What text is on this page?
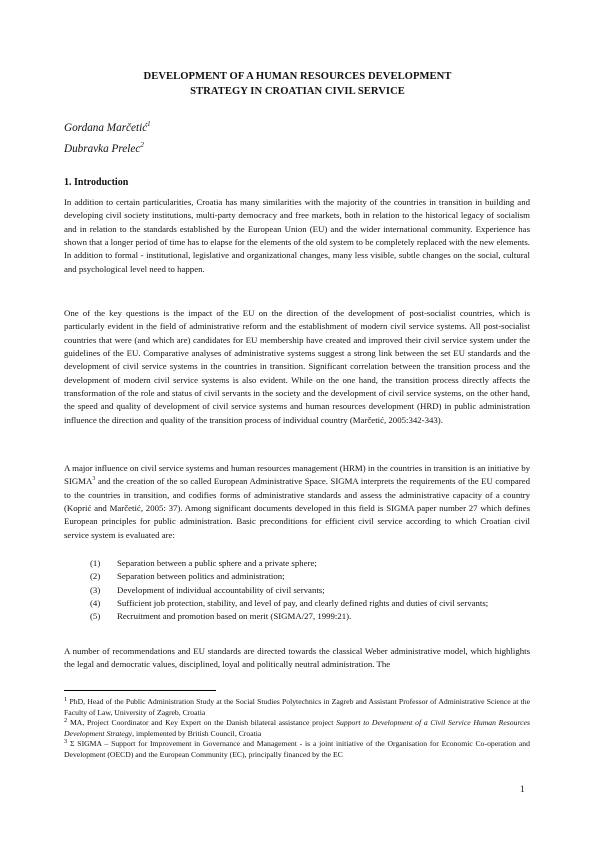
DEVELOPMENT OF A HUMAN RESOURCES DEVELOPMENT
STRATEGY IN CROATIAN CIVIL SERVICE
Gordana Marčetić$^1$
Dubravka Prelec$^2$
1. Introduction

In addition to certain particularities, Croatia has many similarities with the majority of the countries in transition in building and developing civil society institutions, multi-party democracy and free markets, both in relation to the historical legacy of socialism and in relation to the standards established by the European Union (EU) and the wider international community. Experience has shown that a longer period of time has to elapse for the elements of the old system to be completely replaced with the new elements. In addition to formal - institutional, legislative and organizational changes, many less visible, subtle changes on the social, cultural and psychological level need to happen.

One of the key questions is the impact of the EU on the direction of the development of post-socialist countries, which is particularly evident in the field of administrative reform and the establishment of modern civil service systems. All post-socialist countries that were (and which are) candidates for EU membership have created and improved their civil service system under the guidelines of the EU. Comparative analyses of administrative systems suggest a strong link between the set EU standards and the development of civil service systems in the countries in transition. Significant correlation between the transition process and the development of modern civil service systems is also evident. While on the one hand, the transition process directly affects the transformation of the role and status of civil servants in the society and the development of civil service systems, on the other hand, the speed and quality of development of civil service systems and human resources development (HRD) in public administration influence the direction and quality of the transition process of individual country (Marčetić, 2005:342-343).

A major influence on civil service systems and human resources management (HRM) in the countries in transition is an initiative by SIGMA$^3$ and the creation of the so called European Administrative Space. SIGMA interprets the requirements of the EU compared to the countries in transition, and codifies forms of administrative standards and assess the administrative capacity of a country (Koprić and Marčetić, 2005: 37). Among significant documents developed in this field is SIGMA paper number 27 which defines European principles for public administration. Basic preconditions for efficient civil service according to which Croatian civil service system is evaluated are:

(1) Separation between a public sphere and a private sphere;
(2) Separation between politics and administration;
(3) Development of individual accountability of civil servants;
(4) Sufficient job protection, stability, and level of pay, and clearly defined rights and duties of civil servants;
(5) Recruitment and promotion based on merit (SIGMA/27, 1999:21).

A number of recommendations and EU standards are directed towards the classical Weber administrative model, which highlights the legal and democratic values, disciplined, loyal and politically neutral administration. The

$^1$ PhD, Head of the Public Administration Study at the Social Studies Polytechnics in Zagreb and Assistant Professor of Administrative Science at the Faculty of Law, University of Zagreb, Croatia

$^2$ MA, Project Coordinator and Key Expert on the Danish bilateral assistance project Support to Development of a Civil Service Human Resources Development Strategy, implemented by British Council, Croatia

$^3$ Σ SIGMA – Support for Improvement in Governance and Management - is a joint initiative of the Organisation for Economic Co-operation and Development (OECD) and the European Community (EC), principally financed by the EC

1
